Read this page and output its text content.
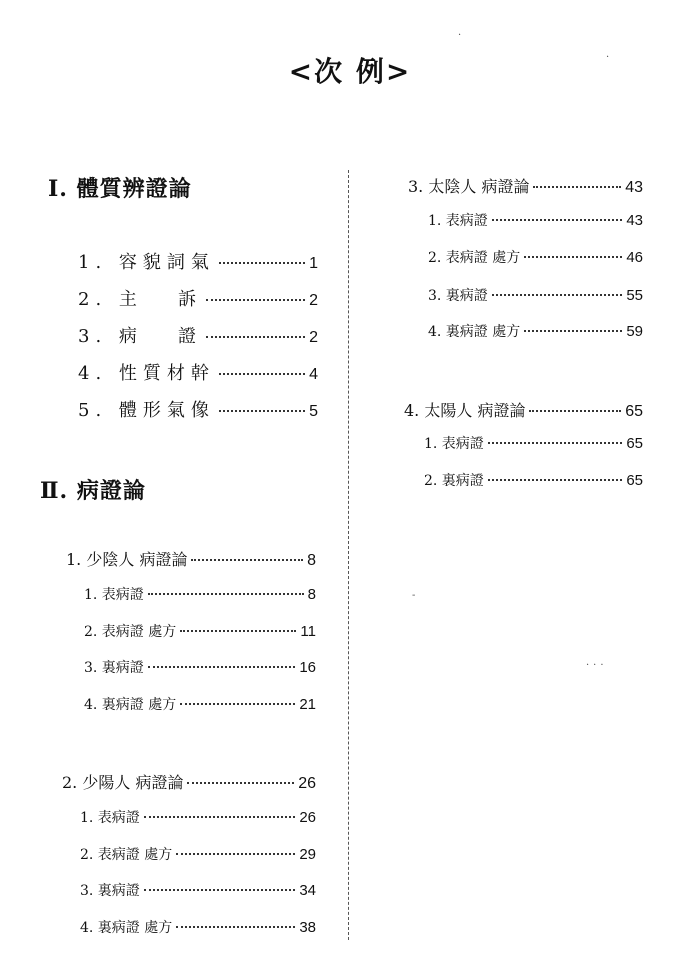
<次 例>
Ⅰ. 體質辨證論
1. 容貌詞氣	1
2. 主   訴	2
3. 病   證	2
4. 性質材幹	4
5. 體形氣像	5
Ⅱ. 病證論
1. 少陰人 病證論	8
1. 表病證	8
2. 表病證 處方	11
3. 裏病證	16
4. 裏病證 處方	21
2. 少陽人 病證論	26
1. 表病證	26
2. 表病證 處方	29
3. 裏病證	34
4. 裏病證 處方	38
3. 太陰人 病證論	43
1. 表病證	43
2. 表病證 處方	46
3. 裏病證	55
4. 裏病證 處方	59
4. 太陽人 病證論	65
1. 表病證	65
2. 裏病證	65
·
·
-
···
